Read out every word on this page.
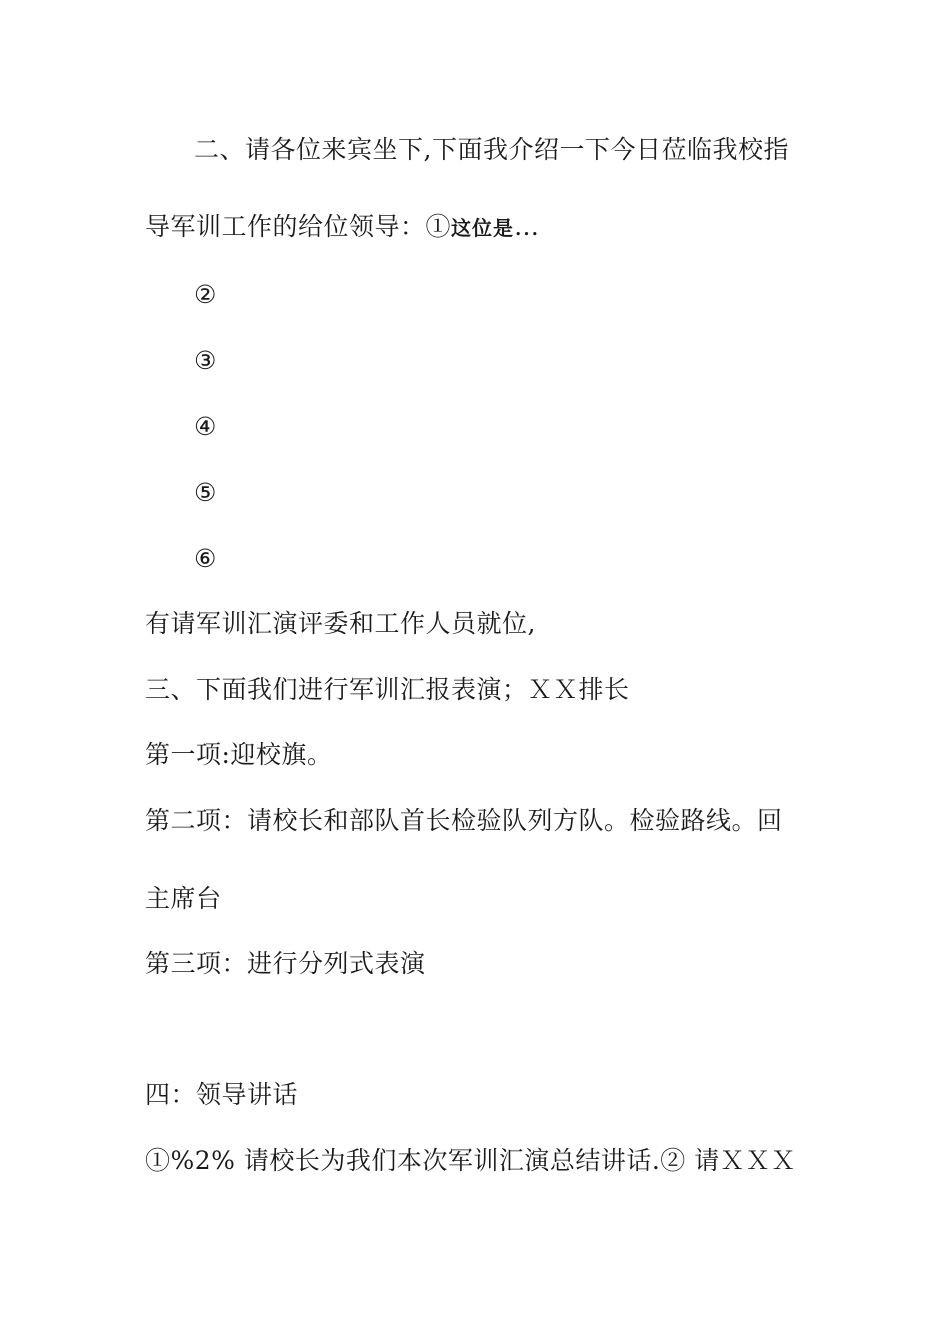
二、请各位来宾坐下,下面我介绍一下今日莅临我校指
导军训工作的给位领导：①这位是…
②
③
④
⑤
⑥
有请军训汇演评委和工作人员就位,
三、下面我们进行军训汇报表演；ＸＸ排长
第一项:迎校旗。
第二项：请校长和部队首长检验队列方队。检验路线。回
主席台
第三项：进行分列式表演
四：领导讲话
①%2% 请校长为我们本次军训汇演总结讲话.② 请ＸＸＸ
